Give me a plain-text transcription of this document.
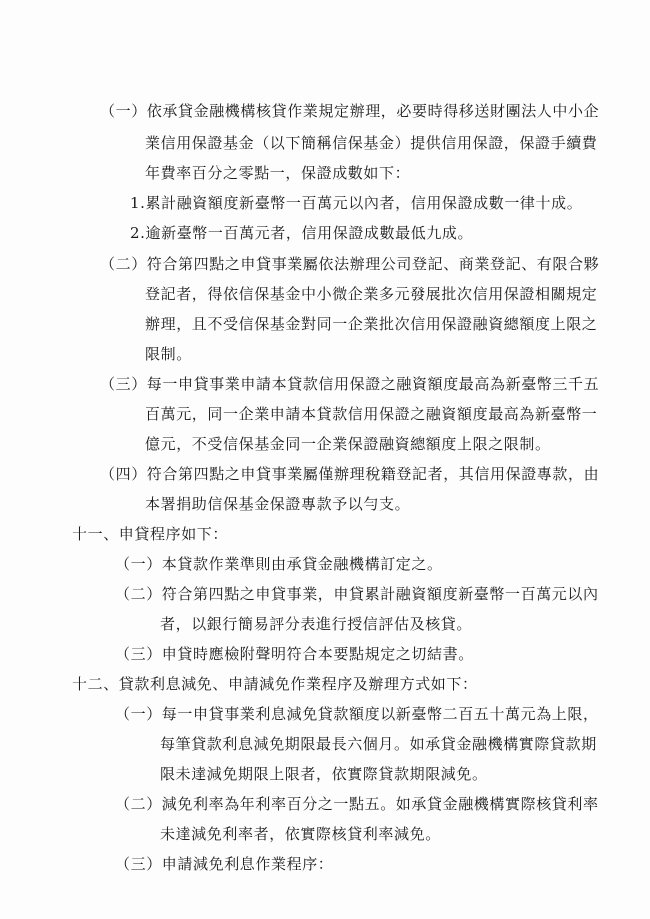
（一）依承貸金融機構核貸作業規定辦理，必要時得移送財團法人中小企
業信用保證基金（以下簡稱信保基金）提供信用保證，保證手續費
年費率百分之零點一，保證成數如下：
1.累計融資額度新臺幣一百萬元以內者，信用保證成數一律十成。
2.逾新臺幣一百萬元者，信用保證成數最低九成。
（二）符合第四點之申貸事業屬依法辦理公司登記、商業登記、有限合夥
登記者，得依信保基金中小微企業多元發展批次信用保證相關規定
辦理，且不受信保基金對同一企業批次信用保證融資總額度上限之
限制。
（三）每一申貸事業申請本貸款信用保證之融資額度最高為新臺幣三千五
百萬元，同一企業申請本貸款信用保證之融資額度最高為新臺幣一
億元，不受信保基金同一企業保證融資總額度上限之限制。
（四）符合第四點之申貸事業屬僅辦理稅籍登記者，其信用保證專款，由
本署捐助信保基金保證專款予以勻支。
十一、申貸程序如下：
（一）本貸款作業準則由承貸金融機構訂定之。
（二）符合第四點之申貸事業，申貸累計融資額度新臺幣一百萬元以內
者，以銀行簡易評分表進行授信評估及核貸。
（三）申貸時應檢附聲明符合本要點規定之切結書。
十二、貸款利息減免、申請減免作業程序及辦理方式如下：
（一）每一申貸事業利息減免貸款額度以新臺幣二百五十萬元為上限，
每筆貸款利息減免期限最長六個月。如承貸金融機構實際貸款期
限未達減免期限上限者，依實際貸款期限減免。
（二）減免利率為年利率百分之一點五。如承貸金融機構實際核貸利率
未達減免利率者，依實際核貸利率減免。
（三）申請減免利息作業程序：
